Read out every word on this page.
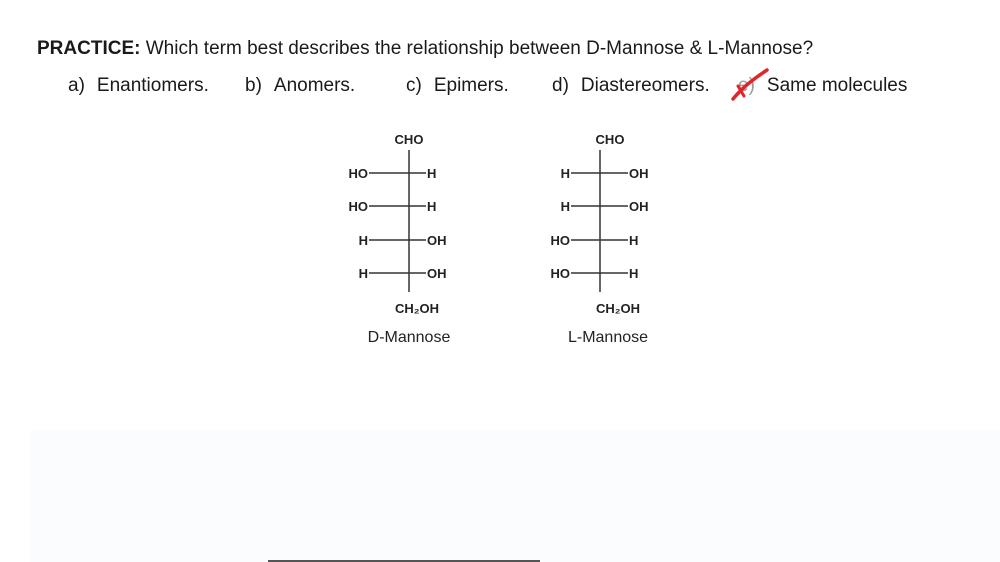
PRACTICE: Which term best describes the relationship between D-Mannose & L-Mannose?
a) Enantiomers. b) Anomers.	c) Epimers. d) Diastereomers. e) Same molecules
CHO
HO	H
HO	H
H	OH
H	OH
CH₂OH
D-Mannose
CHO
H	OH
H	OH
HO	H
HO	H
CH₂OH
L-Mannose
